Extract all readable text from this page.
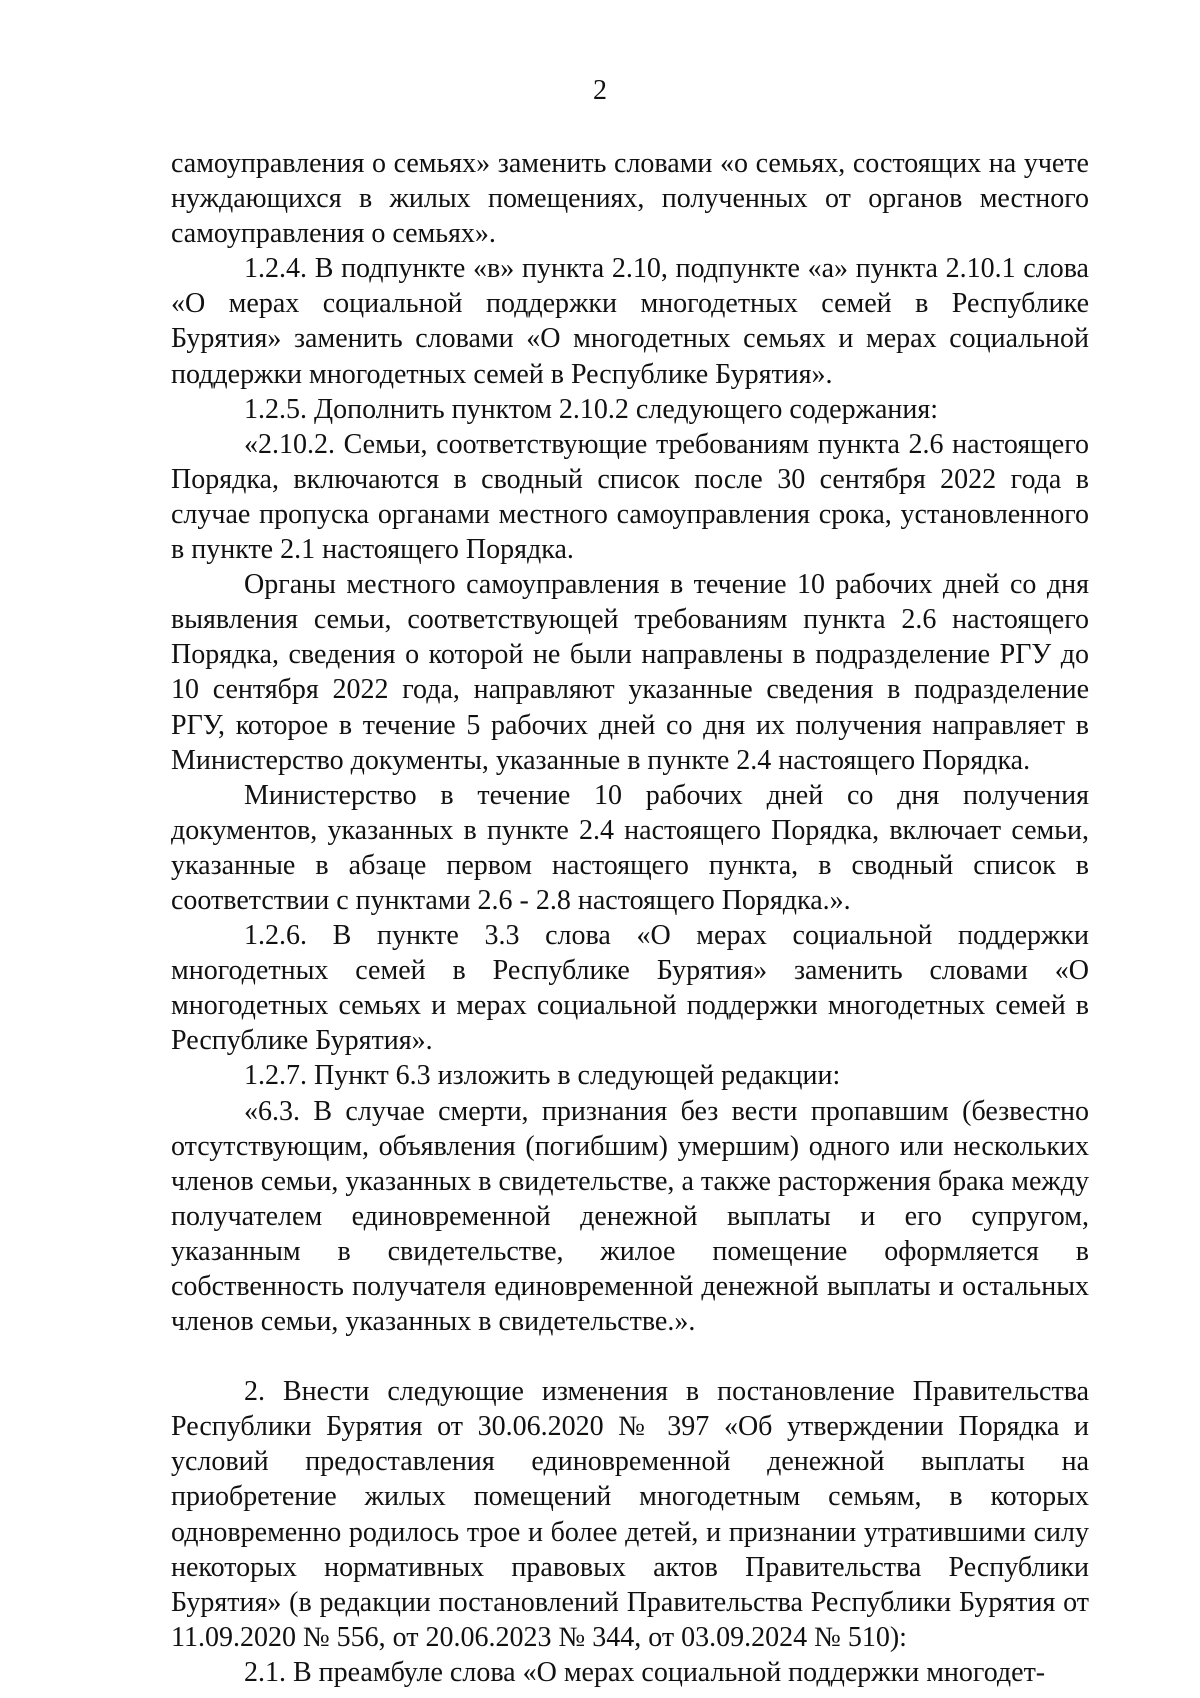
2

самоуправления о семьях» заменить словами «о семьях, состоящих на учете нуждающихся в жилых помещениях, полученных от органов местного самоуправления о семьях».

1.2.4. В подпункте «в» пункта 2.10, подпункте «а» пункта 2.10.1 слова «О мерах социальной поддержки многодетных семей в Республике Бурятия» заменить словами «О многодетных семьях и мерах социальной поддержки многодетных семей в Республике Бурятия».

1.2.5. Дополнить пунктом 2.10.2 следующего содержания:

«2.10.2. Семьи, соответствующие требованиям пункта 2.6 настоящего Порядка, включаются в сводный список после 30 сентября 2022 года в случае пропуска органами местного самоуправления срока, установленного в пункте 2.1 настоящего Порядка.

Органы местного самоуправления в течение 10 рабочих дней со дня выявления семьи, соответствующей требованиям пункта 2.6 настоящего Порядка, сведения о которой не были направлены в подразделение РГУ до 10 сентября 2022 года, направляют указанные сведения в подразделение РГУ, которое в течение 5 рабочих дней со дня их получения направляет в Министерство документы, указанные в пункте 2.4 настоящего Порядка.

Министерство в течение 10 рабочих дней со дня получения документов, указанных в пункте 2.4 настоящего Порядка, включает семьи, указанные в абзаце первом настоящего пункта, в сводный список в соответствии с пунктами 2.6 - 2.8 настоящего Порядка.».

1.2.6. В пункте 3.3 слова «О мерах социальной поддержки многодетных семей в Республике Бурятия» заменить словами «О многодетных семьях и мерах социальной поддержки многодетных семей в Республике Бурятия».

1.2.7. Пункт 6.3 изложить в следующей редакции:

«6.3. В случае смерти, признания без вести пропавшим (безвестно отсутствующим, объявления (погибшим) умершим) одного или нескольких членов семьи, указанных в свидетельстве, а также расторжения брака между получателем единовременной денежной выплаты и его супругом, указанным в свидетельстве, жилое помещение оформляется в собственность получателя единовременной денежной выплаты и остальных членов семьи, указанных в свидетельстве.».

2. Внести следующие изменения в постановление Правительства Республики Бурятия от 30.06.2020 № 397 «Об утверждении Порядка и условий предоставления единовременной денежной выплаты на приобретение жилых помещений многодетным семьям, в которых одновременно родилось трое и более детей, и признании утратившими силу некоторых нормативных правовых актов Правительства Республики Бурятия» (в редакции постановлений Правительства Республики Бурятия от 11.09.2020 № 556, от 20.06.2023 № 344, от 03.09.2024 № 510):

2.1. В преамбуле слова «О мерах социальной поддержки многодет-
